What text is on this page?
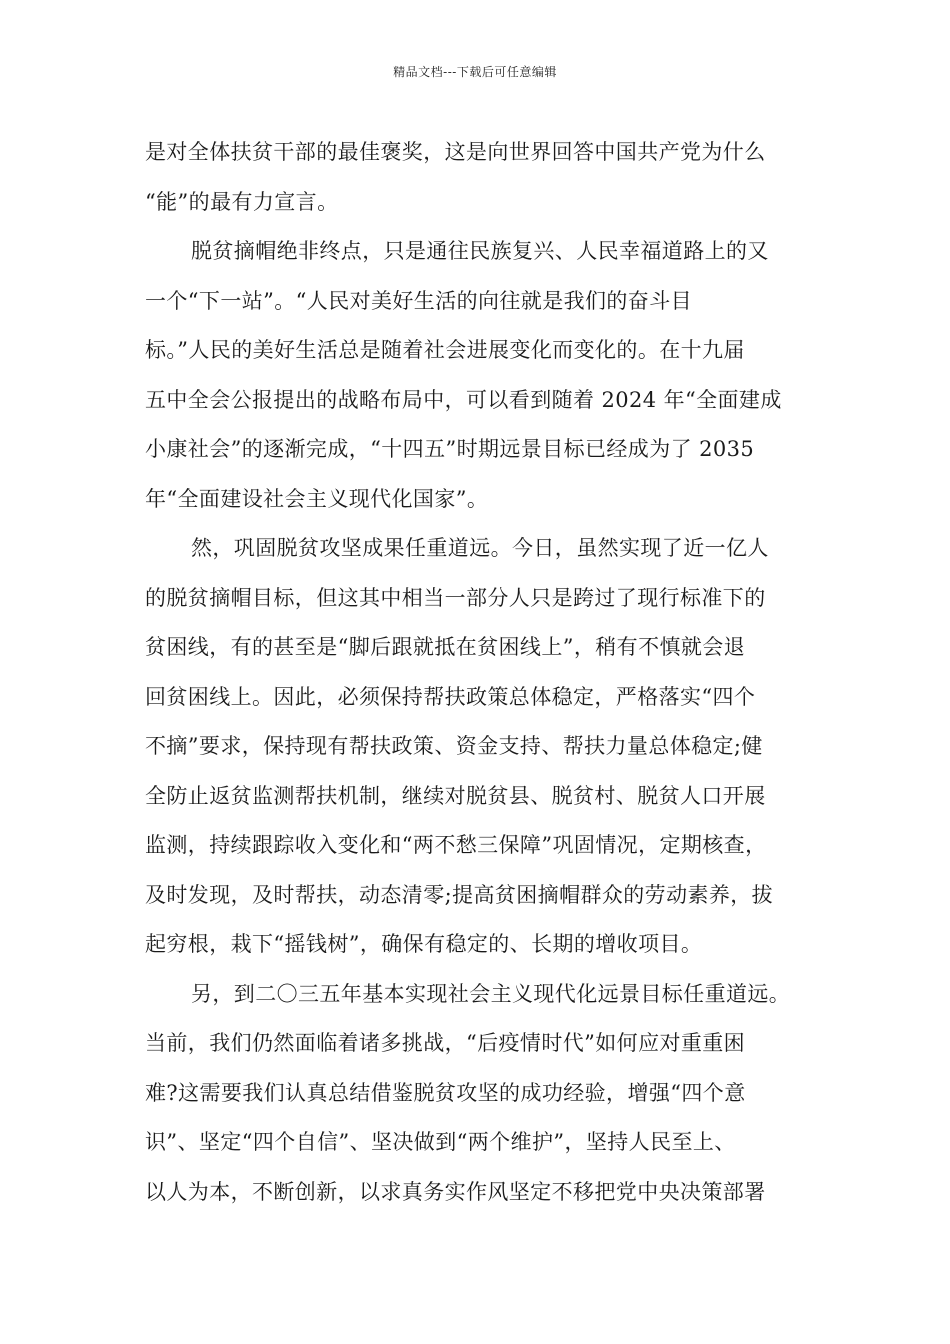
精品文档---下载后可任意编辑
是对全体扶贫干部的最佳褒奖，这是向世界回答中国共产党为什么
“能”的最有力宣言。
脱贫摘帽绝非终点，只是通往民族复兴、人民幸福道路上的又
一个“下一站”。“人民对美好生活的向往就是我们的奋斗目
标。”人民的美好生活总是随着社会进展变化而变化的。在十九届
五中全会公报提出的战略布局中，可以看到随着 2024 年“全面建成
小康社会”的逐渐完成，“十四五”时期远景目标已经成为了 2035
年“全面建设社会主义现代化国家”。
然，巩固脱贫攻坚成果任重道远。今日，虽然实现了近一亿人
的脱贫摘帽目标，但这其中相当一部分人只是跨过了现行标准下的
贫困线，有的甚至是“脚后跟就抵在贫困线上”，稍有不慎就会退
回贫困线上。因此，必须保持帮扶政策总体稳定，严格落实“四个
不摘”要求，保持现有帮扶政策、资金支持、帮扶力量总体稳定;健
全防止返贫监测帮扶机制，继续对脱贫县、脱贫村、脱贫人口开展
监测，持续跟踪收入变化和“两不愁三保障”巩固情况，定期核查，
及时发现，及时帮扶，动态清零;提高贫困摘帽群众的劳动素养，拔
起穷根，栽下“摇钱树”，确保有稳定的、长期的增收项目。
另，到二〇三五年基本实现社会主义现代化远景目标任重道远。
当前，我们仍然面临着诸多挑战，“后疫情时代”如何应对重重困
难?这需要我们认真总结借鉴脱贫攻坚的成功经验，增强“四个意
识”、坚定“四个自信”、坚决做到“两个维护”，坚持人民至上、
以人为本，不断创新，以求真务实作风坚定不移把党中央决策部署
